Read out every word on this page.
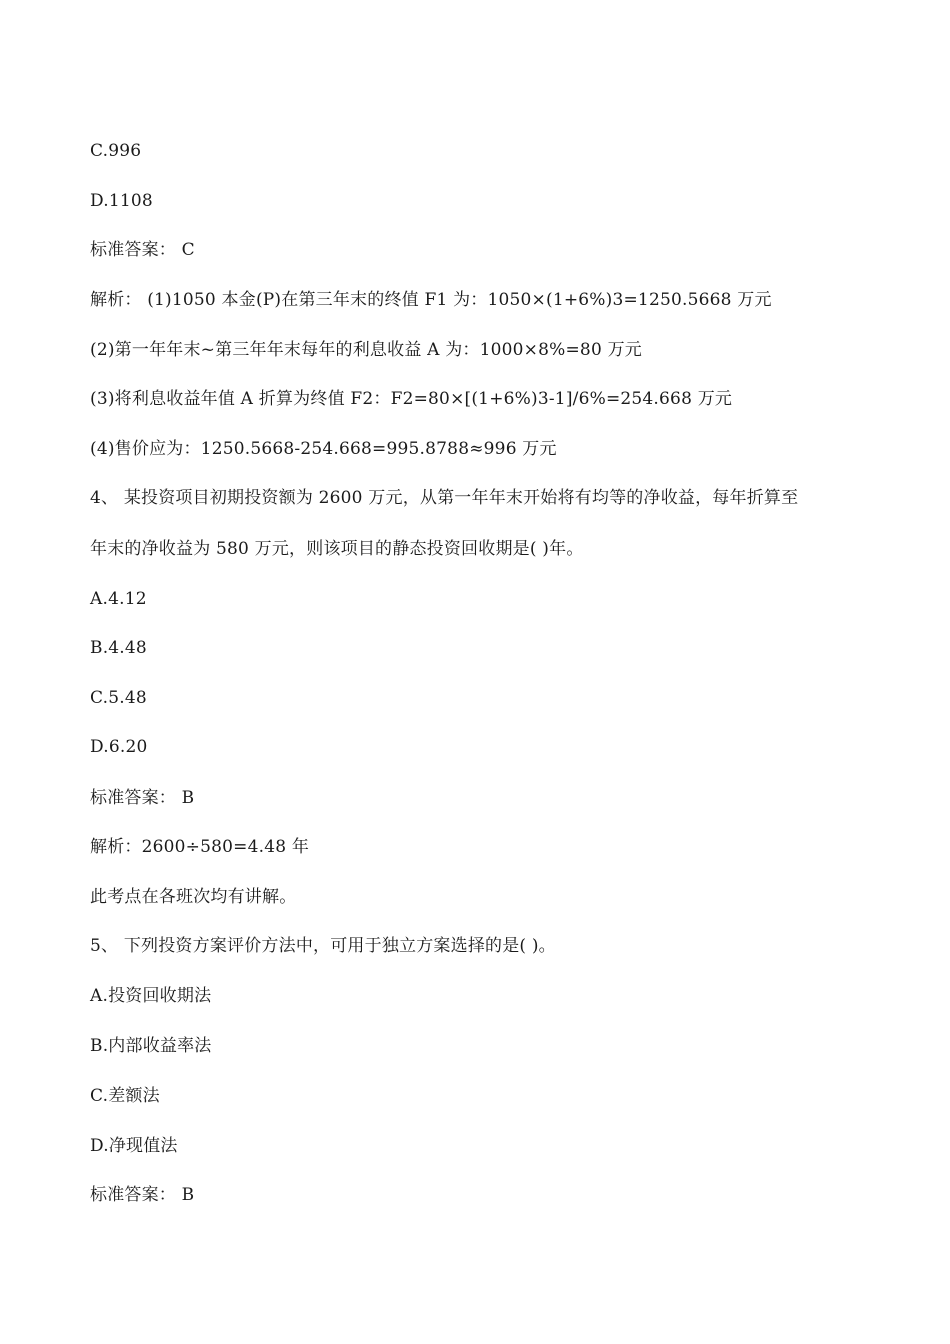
C.996
D.1108
标准答案： C
解析： (1)1050 本金(P)在第三年末的终值 F1 为：1050×(1+6%)3=1250.5668 万元
(2)第一年年末~第三年年末每年的利息收益 A 为：1000×8%=80 万元
(3)将利息收益年值 A 折算为终值 F2：F2=80×[(1+6%)3-1]/6%=254.668 万元
(4)售价应为：1250.5668-254.668=995.8788≈996 万元
4、 某投资项目初期投资额为 2600 万元，从第一年年末开始将有均等的净收益，每年折算至
年末的净收益为 580 万元，则该项目的静态投资回收期是( )年。
A.4.12
B.4.48
C.5.48
D.6.20
标准答案： B
解析：2600÷580=4.48 年
此考点在各班次均有讲解。
5、 下列投资方案评价方法中，可用于独立方案选择的是( )。
A.投资回收期法
B.内部收益率法
C.差额法
D.净现值法
标准答案： B
